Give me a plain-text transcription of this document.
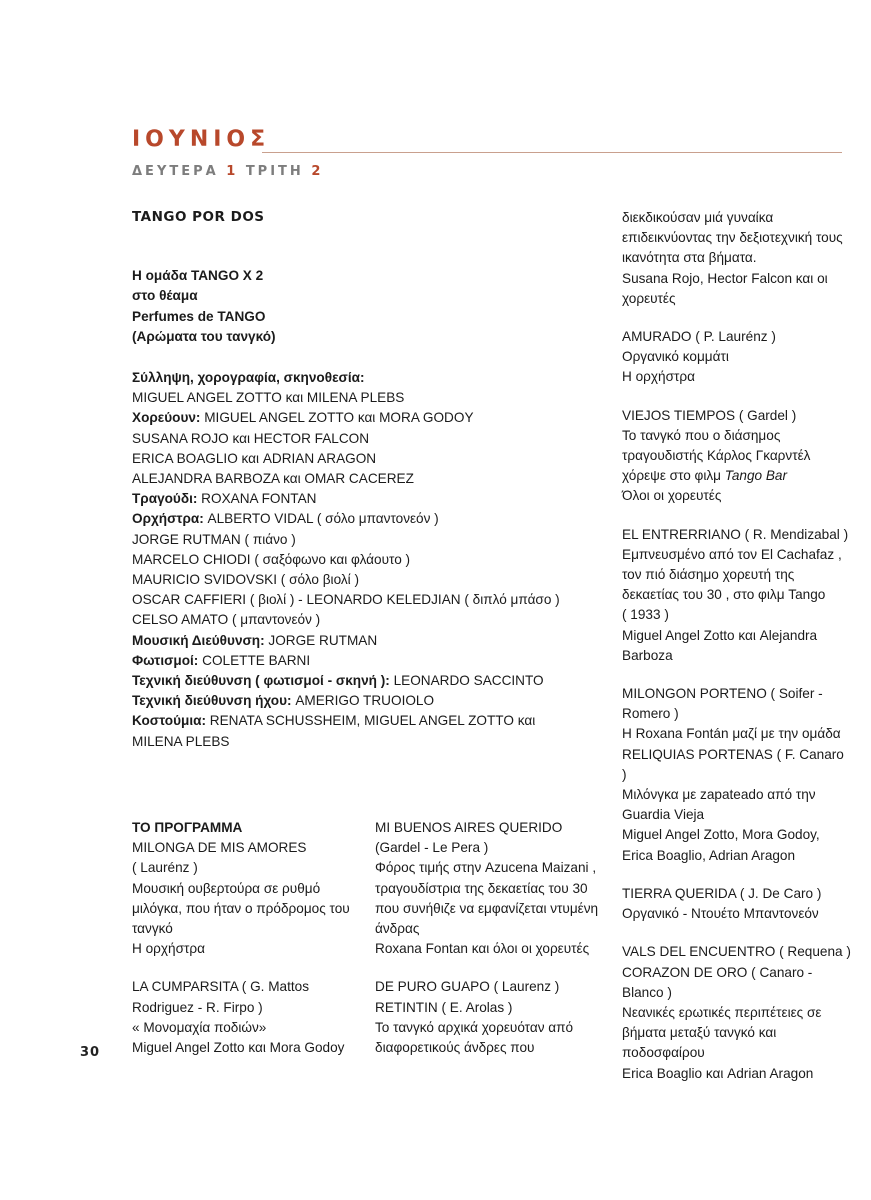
ΙΟΥΝΙΟΣ
ΔΕΥΤΕΡΑ 1 ΤΡΙΤΗ 2

TANGO POR DOS

Η ομάδα TANGO X 2

στο θέαμα

Perfumes de TANGO

(Αρώματα του τανγκό)

Σύλληψη, χορογραφία, σκηνοθεσία:

MIGUEL ANGEL ZOTTO και MILENA PLEBS

Χορεύουν: MIGUEL ANGEL ZOTTO και MORA GODOY

SUSANA ROJO και HECTOR FALCON

ERICA BOAGLIO και ADRIAN ARAGON

ALEJANDRA BARBOZA και OMAR CACEREZ

Τραγούδι: ROXANA FONTAN

Ορχήστρα: ALBERTO VIDAL ( σόλο μπαντονεόν )

JORGE RUTMAN ( πιάνο )

MARCELO CHIODI ( σαξόφωνο και φλάουτο )

MAURICIO SVIDOVSKI ( σόλο βιολί )

OSCAR CAFFIERI ( βιολί ) - LEONARDO KELEDJIAN ( διπλό μπάσο )

CELSO AMATO ( μπαντονεόν )

Μουσική Διεύθυνση: JORGE RUTMAN

Φωτισμοί: COLETTE BARNI

Τεχνική διεύθυνση ( φωτισμοί - σκηνή ): LEONARDO SACCINTO

Τεχνική διεύθυνση ήχου: AMERIGO TRUOIOLO

Κοστούμια: RENATA SCHUSSHEIM, MIGUEL ANGEL ZOTTO και

MILENA PLEBS

ΤΟ ΠΡΟΓΡΑΜΜΑ

MILONGA DE MIS AMORES

( Laurénz )

Μουσική ουβερτούρα σε ρυθμό

μιλόγκα, που ήταν ο πρόδρομος του

τανγκό

Η ορχήστρα

LA CUMPARSITA ( G. Mattos

Rodriguez - R. Firpo )

« Μονομαχία ποδιών»

Miguel Angel Zotto και Mora Godoy

MI BUENOS AIRES QUERIDO

(Gardel - Le Pera )

Φόρος τιμής στην Azucena Maizani ,

τραγουδίστρια της δεκαετίας του 30

που συνήθιζε να εμφανίζεται ντυμένη

άνδρας

Roxana Fontan και όλοι οι χορευτές

DE PURO GUAPO ( Laurenz )

RETINTIN ( E. Arolas )

Το τανγκό αρχικά χορευόταν από

διαφορετικούς άνδρες που

διεκδικούσαν μιά γυναίκα

επιδεικνύοντας την δεξιοτεχνική τους

ικανότητα στα βήματα.

Susana Rojo, Hector Falcon και οι

χορευτές

AMURADO ( P. Laurénz )

Οργανικό κομμάτι

Η ορχήστρα

VIEJOS TIEMPOS ( Gardel )

Το τανγκό που ο διάσημος

τραγουδιστής Κάρλος Γκαρντέλ

χόρεψε στο φιλμ Tango Bar

Όλοι οι χορευτές

EL ENTRERRIANO ( R. Mendizabal )

Εμπνευσμένο από τον El Cachafaz ,

τον πιό διάσημο χορευτή της

δεκαετίας του 30 , στο φιλμ Tango

( 1933 )

Miguel Angel Zotto και Alejandra

Barboza

MILONGON PORTENO ( Soifer -

Romero )

Η Roxana Fontán μαζί με την ομάδα

RELIQUIAS PORTENAS ( F. Canaro )

Μιλόνγκα με zapateado από την

Guardia Vieja

Miguel Angel Zotto, Mora Godoy,

Erica Boaglio, Adrian Aragon

TIERRA QUERIDA ( J. De Caro )

Οργανικό - Ντουέτο Μπαντονεόν

VALS DEL ENCUENTRO ( Requena )

CORAZON DE ORO ( Canaro -

Blanco )

Νεανικές ερωτικές περιπέτειες σε

βήματα μεταξύ τανγκό και

ποδοσφαίρου

Erica Boaglio και Adrian Aragon

30
